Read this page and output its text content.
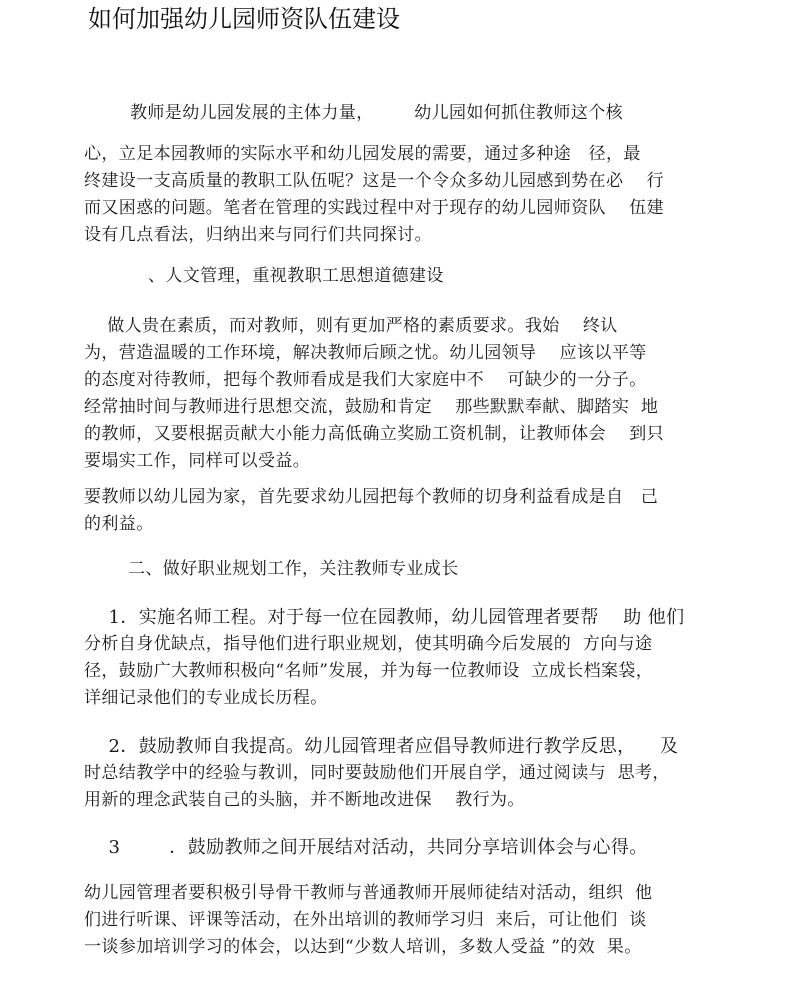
如何加强幼儿园师资队伍建设
教师是幼儿园发展的主体力量，       幼儿园如何抓住教师这个核
心，立足本园教师的实际水平和幼儿园发展的需要，通过多种途   径，最
终建设一支高质量的教职工队伍呢？这是一个令众多幼儿园感到势在必    行
而又困惑的问题。笔者在管理的实践过程中对于现存的幼儿园师资队    伍建
设有几点看法，归纳出来与同行们共同探讨。
、人文管理，重视教职工思想道德建设
做人贵在素质，而对教师，则有更加严格的素质要求。我始    终认
为，营造温暖的工作环境，解决教师后顾之忧。幼儿园领导    应该以平等
的态度对待教师，把每个教师看成是我们大家庭中不    可缺少的一分子。
经常抽时间与教师进行思想交流，鼓励和肯定    那些默默奉献、脚踏实  地
的教师，又要根据贡献大小能力高低确立奖励工资机制，让教师体会    到只
要塌实工作，同样可以受益。
要教师以幼儿园为家，首先要求幼儿园把每个教师的切身利益看成是自   己
的利益。
二、做好职业规划工作，关注教师专业成长
1．实施名师工程。对于每一位在园教师，幼儿园管理者要帮    助 他们
分析自身优缺点，指导他们进行职业规划，使其明确今后发展的  方向与途
径，鼓励广大教师积极向“名师”发展，并为每一位教师设  立成长档案袋，
详细记录他们的专业成长历程。
2．鼓励教师自我提高。幼儿园管理者应倡导教师进行教学反思，    及
时总结教学中的经验与教训，同时要鼓励他们开展自学，通过阅读与  思考，
用新的理念武装自己的头脑，并不断地改进保    教行为。
3        ．鼓励教师之间开展结对活动，共同分享培训体会与心得。
幼儿园管理者要积极引导骨干教师与普通教师开展师徒结对活动，组织  他
们进行听课、评课等活动，在外出培训的教师学习归  来后，可让他们  谈
一谈参加培训学习的体会，以达到“少数人培训，多数人受益 ”的效  果。
